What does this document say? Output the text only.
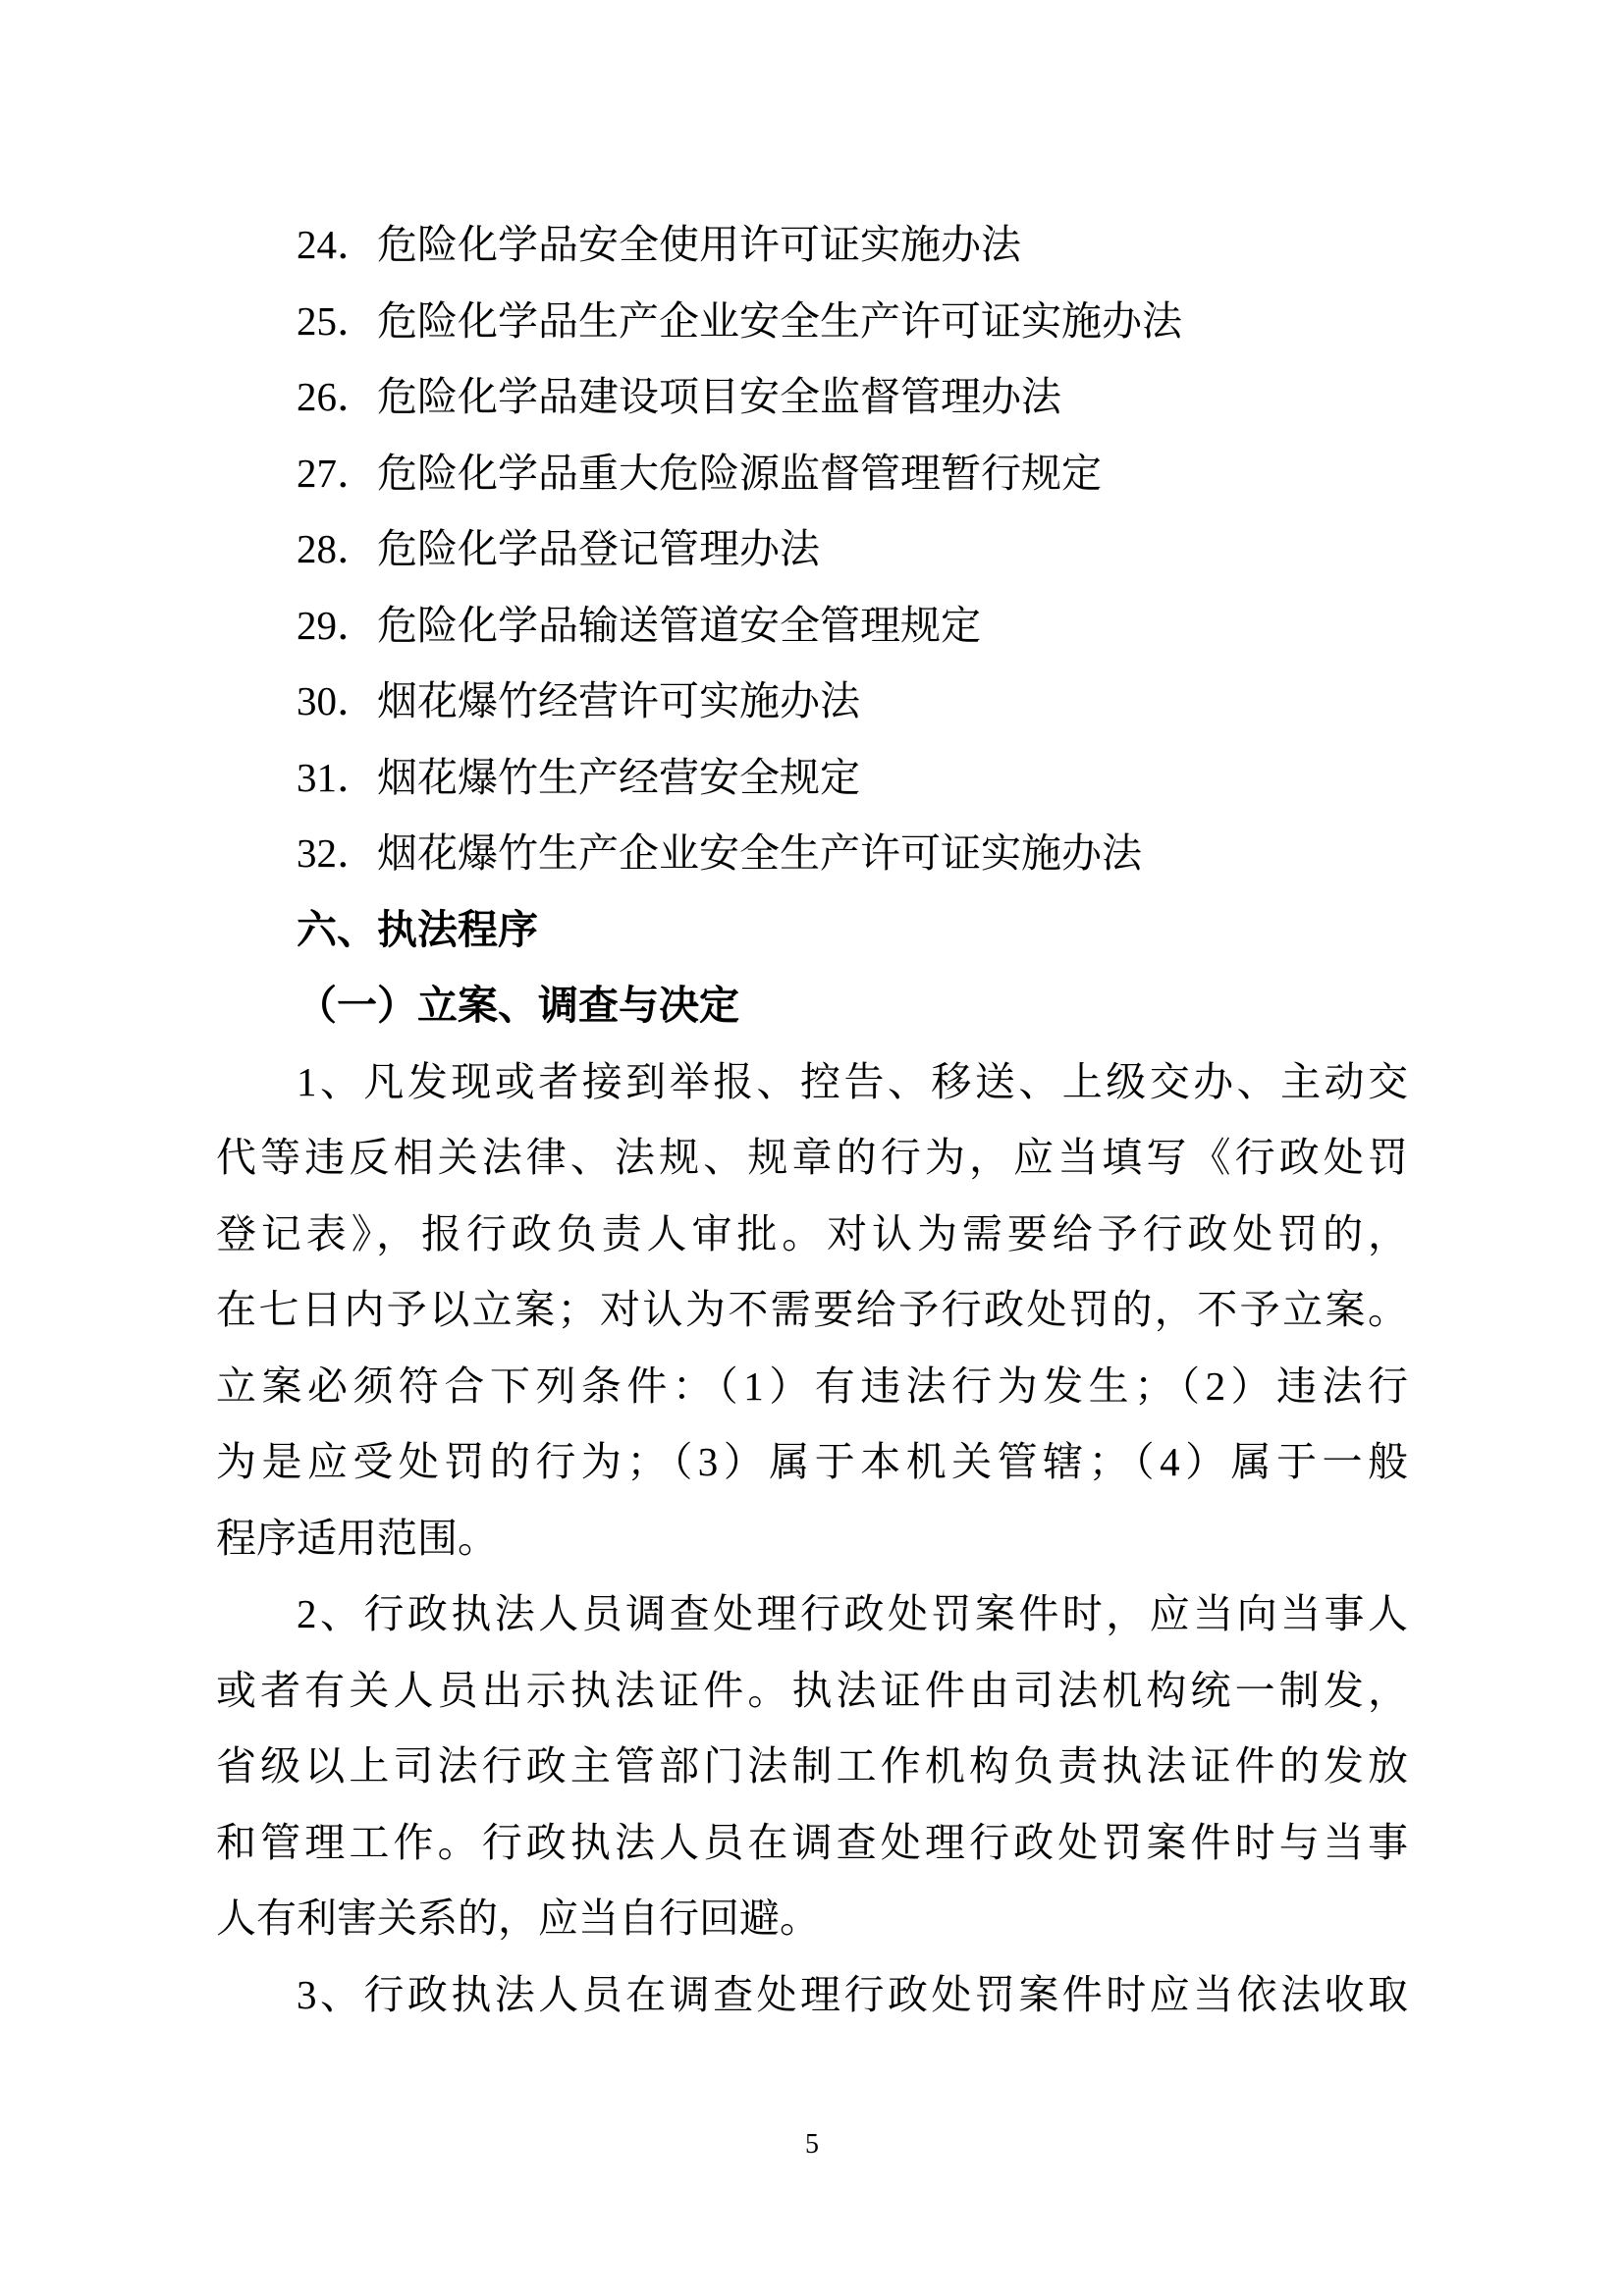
24．危险化学品安全使用许可证实施办法
25．危险化学品生产企业安全生产许可证实施办法
26．危险化学品建设项目安全监督管理办法
27．危险化学品重大危险源监督管理暂行规定
28．危险化学品登记管理办法
29．危险化学品输送管道安全管理规定
30．烟花爆竹经营许可实施办法
31．烟花爆竹生产经营安全规定
32．烟花爆竹生产企业安全生产许可证实施办法
六、执法程序
（一）立案、调查与决定
1、凡发现或者接到举报、控告、移送、上级交办、主动交
代等违反相关法律、法规、规章的行为，应当填写《行政处罚
登记表》，报行政负责人审批。对认为需要给予行政处罚的，
在七日内予以立案；对认为不需要给予行政处罚的，不予立案。
立案必须符合下列条件：（1）有违法行为发生；（2）违法行
为是应受处罚的行为；（3）属于本机关管辖；（4）属于一般
程序适用范围。
2、行政执法人员调查处理行政处罚案件时，应当向当事人
或者有关人员出示执法证件。执法证件由司法机构统一制发，
省级以上司法行政主管部门法制工作机构负责执法证件的发放
和管理工作。行政执法人员在调查处理行政处罚案件时与当事
人有利害关系的，应当自行回避。
3、行政执法人员在调查处理行政处罚案件时应当依法收取
5
